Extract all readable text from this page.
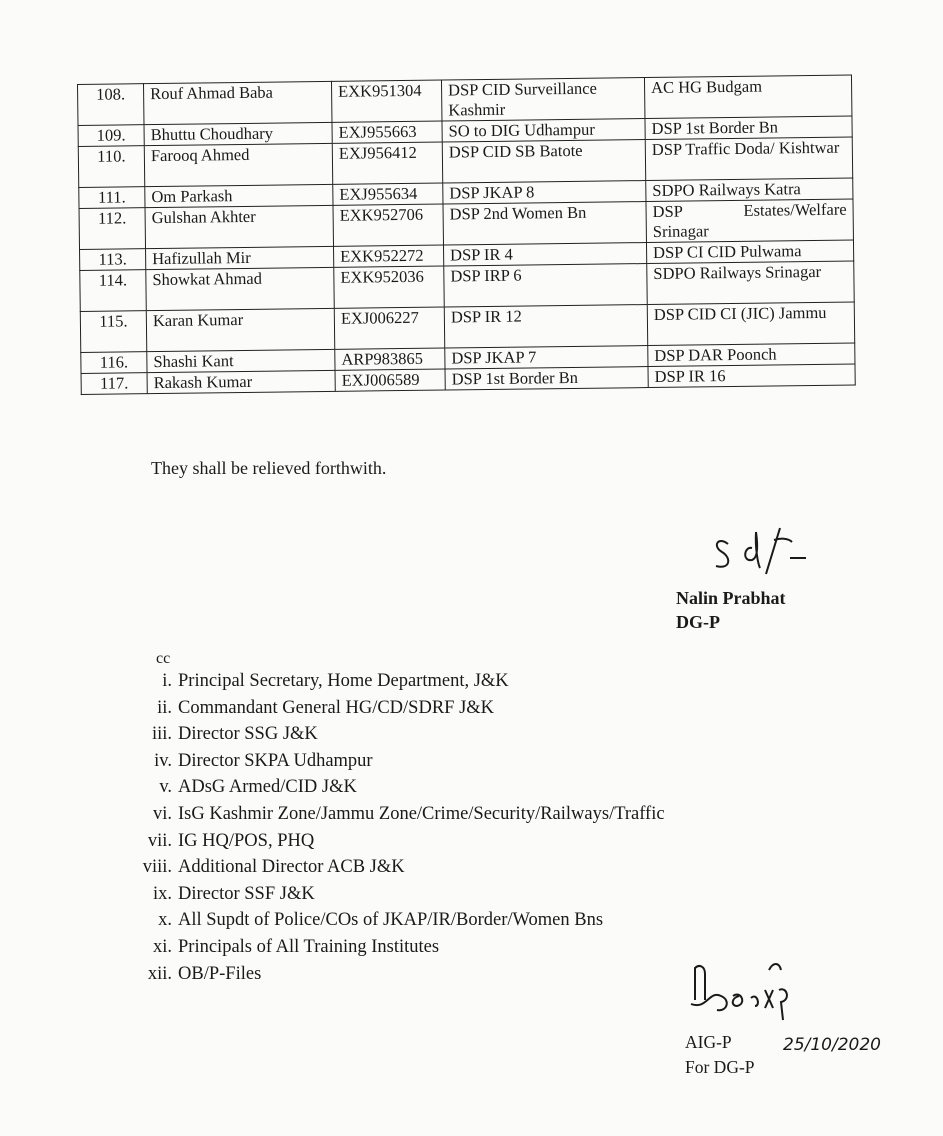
108.	Rouf Ahmad Baba	EXK951304	DSP CID Surveillance Kashmir	AC HG Budgam
109.	Bhuttu Choudhary	EXJ955663	SO to DIG Udhampur	DSP 1st Border Bn
110.	Farooq Ahmed	EXJ956412	DSP CID SB Batote	DSP Traffic Doda/ Kishtwar
111.	Om Parkash	EXJ955634	DSP JKAP 8	SDPO Railways Katra
112.	Gulshan Akhter	EXK952706	DSP 2nd Women Bn	DSP Estates/Welfare Srinagar
113.	Hafizullah Mir	EXK952272	DSP IR 4	DSP CI CID Pulwama
114.	Showkat Ahmad	EXK952036	DSP IRP 6	SDPO Railways Srinagar
115.	Karan Kumar	EXJ006227	DSP IR 12	DSP CID CI (JIC) Jammu
116.	Shashi Kant	ARP983865	DSP JKAP 7	DSP DAR Poonch
117.	Rakash Kumar	EXJ006589	DSP 1st Border Bn	DSP IR 16
They shall be relieved forthwith.
Nalin Prabhat
DG-P
cc
i. Principal Secretary, Home Department, J&K
ii. Commandant General HG/CD/SDRF J&K
iii. Director SSG J&K
iv. Director SKPA Udhampur
v. ADsG Armed/CID J&K
vi. IsG Kashmir Zone/Jammu Zone/Crime/Security/Railways/Traffic
vii. IG HQ/POS, PHQ
viii. Additional Director ACB J&K
ix. Director SSF J&K
x. All Supdt of Police/COs of JKAP/IR/Border/Women Bns
xi. Principals of All Training Institutes
xii. OB/P-Files
25/10/2020
AIG-P
For DG-P
